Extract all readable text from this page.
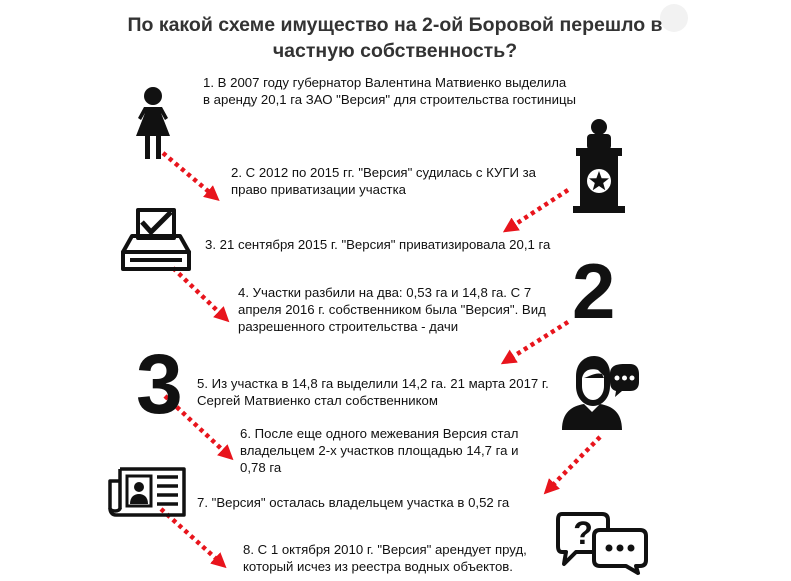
По какой схеме имущество на 2-ой Боровой перешло в
частную собственность?
1. В 2007 году губернатор Валентина Матвиенко выделила
в аренду 20,1 га ЗАО "Версия" для строительства гостиницы
2. С 2012 по 2015 гг. "Версия" судилась с КУГИ за
право приватизации участка
3. 21 сентября 2015 г. "Версия" приватизировала 20,1 га
4. Участки разбили на два: 0,53 га и 14,8 га. С 7
апреля 2016 г. собственником была "Версия". Вид
разрешенного строительства - дачи
5. Из участка в 14,8 га выделили 14,2 га. 21 марта 2017 г.
Сергей Матвиенко стал собственником
6. После еще одного межевания Версия стал
владельцем 2-х участков площадью 14,7 га и
0,78 га
7. "Версия" осталась владельцем участка в 0,52 га
8. С 1 октября 2010 г. "Версия" арендует пруд,
который исчез из реестра водных объектов.
2
3
?
